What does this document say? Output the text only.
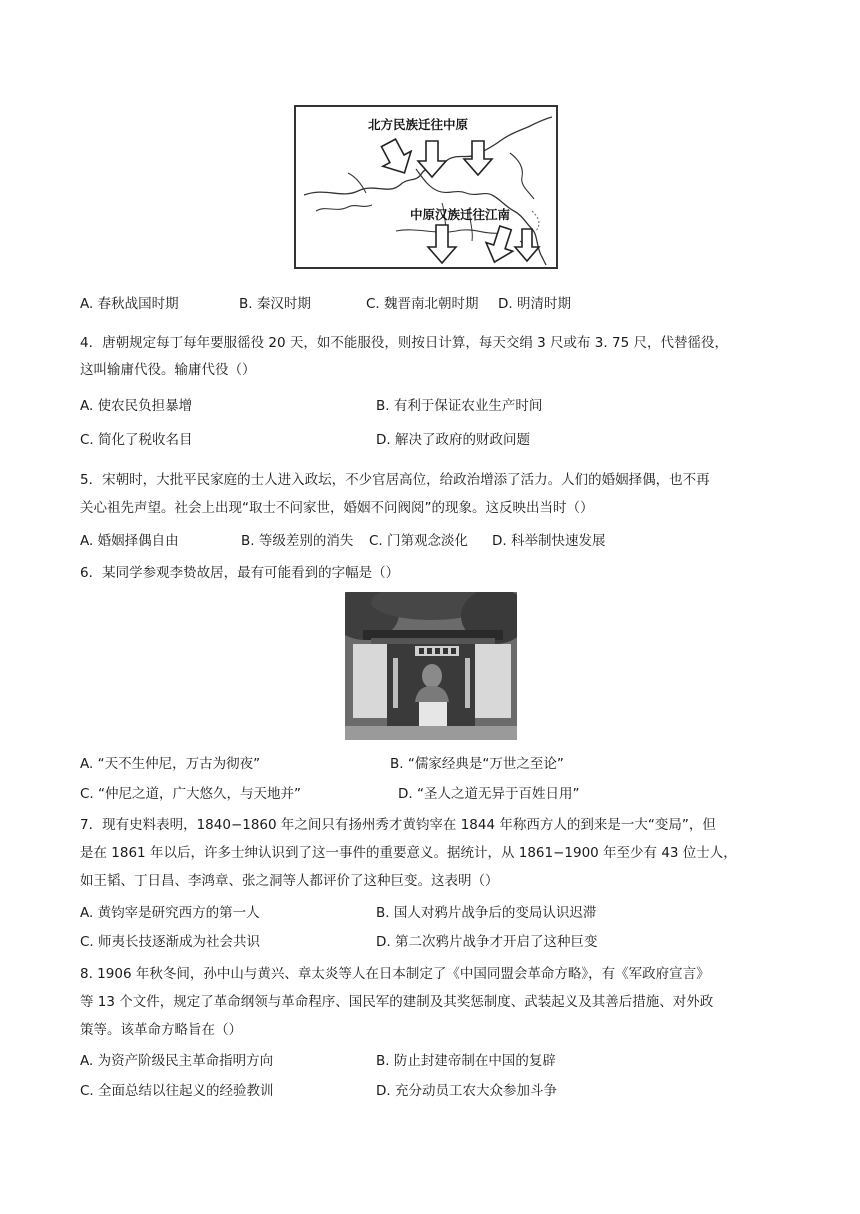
北方民族迁往中原
中原汉族迁往江南
A. 春秋战国时期	B. 秦汉时期	C. 魏晋南北朝时期 D. 明清时期
4．唐朝规定每丁每年要服徭役 20 天，如不能服役，则按日计算，每天交绢 3 尺或布 3. 75 尺，代替徭役，
这叫输庸代役。输庸代役（）
A. 使农民负担暴增	B. 有利于保证农业生产时间
C. 简化了税收名目	D. 解决了政府的财政问题
5．宋朝时，大批平民家庭的士人进入政坛，不少官居高位，给政治增添了活力。人们的婚姻择偶，也不再
关心祖先声望。社会上出现“取士不问家世，婚姻不问阀阅”的现象。这反映出当时（）
A. 婚姻择偶自由	B. 等级差别的消失 C. 门第观念淡化 D. 科举制快速发展
6．某同学参观李贽故居，最有可能看到的字幅是（）
A. “天不生仲尼，万古为彻夜”	B. “儒家经典是“万世之至论”
C. “仲尼之道，广大悠久，与天地并”	D. “圣人之道无异于百姓日用”
7．现有史料表明，1840−1860 年之间只有扬州秀才黄钧宰在 1844 年称西方人的到来是一大“变局”，但
是在 1861 年以后，许多士绅认识到了这一事件的重要意义。据统计，从 1861−1900 年至少有 43 位士人，
如王韬、丁日昌、李鸿章、张之洞等人都评价了这种巨变。这表明（）
A. 黄钧宰是研究西方的第一人	B. 国人对鸦片战争后的变局认识迟滞
C. 师夷长技逐渐成为社会共识	D. 第二次鸦片战争才开启了这种巨变
8. 1906 年秋冬间，孙中山与黄兴、章太炎等人在日本制定了《中国同盟会革命方略》，有《军政府宣言》
等 13 个文件，规定了革命纲领与革命程序、国民军的建制及其奖惩制度、武装起义及其善后措施、对外政
策等。该革命方略旨在（）
A. 为资产阶级民主革命指明方向	B. 防止封建帝制在中国的复辟
C. 全面总结以往起义的经验教训	D. 充分动员工农大众参加斗争
